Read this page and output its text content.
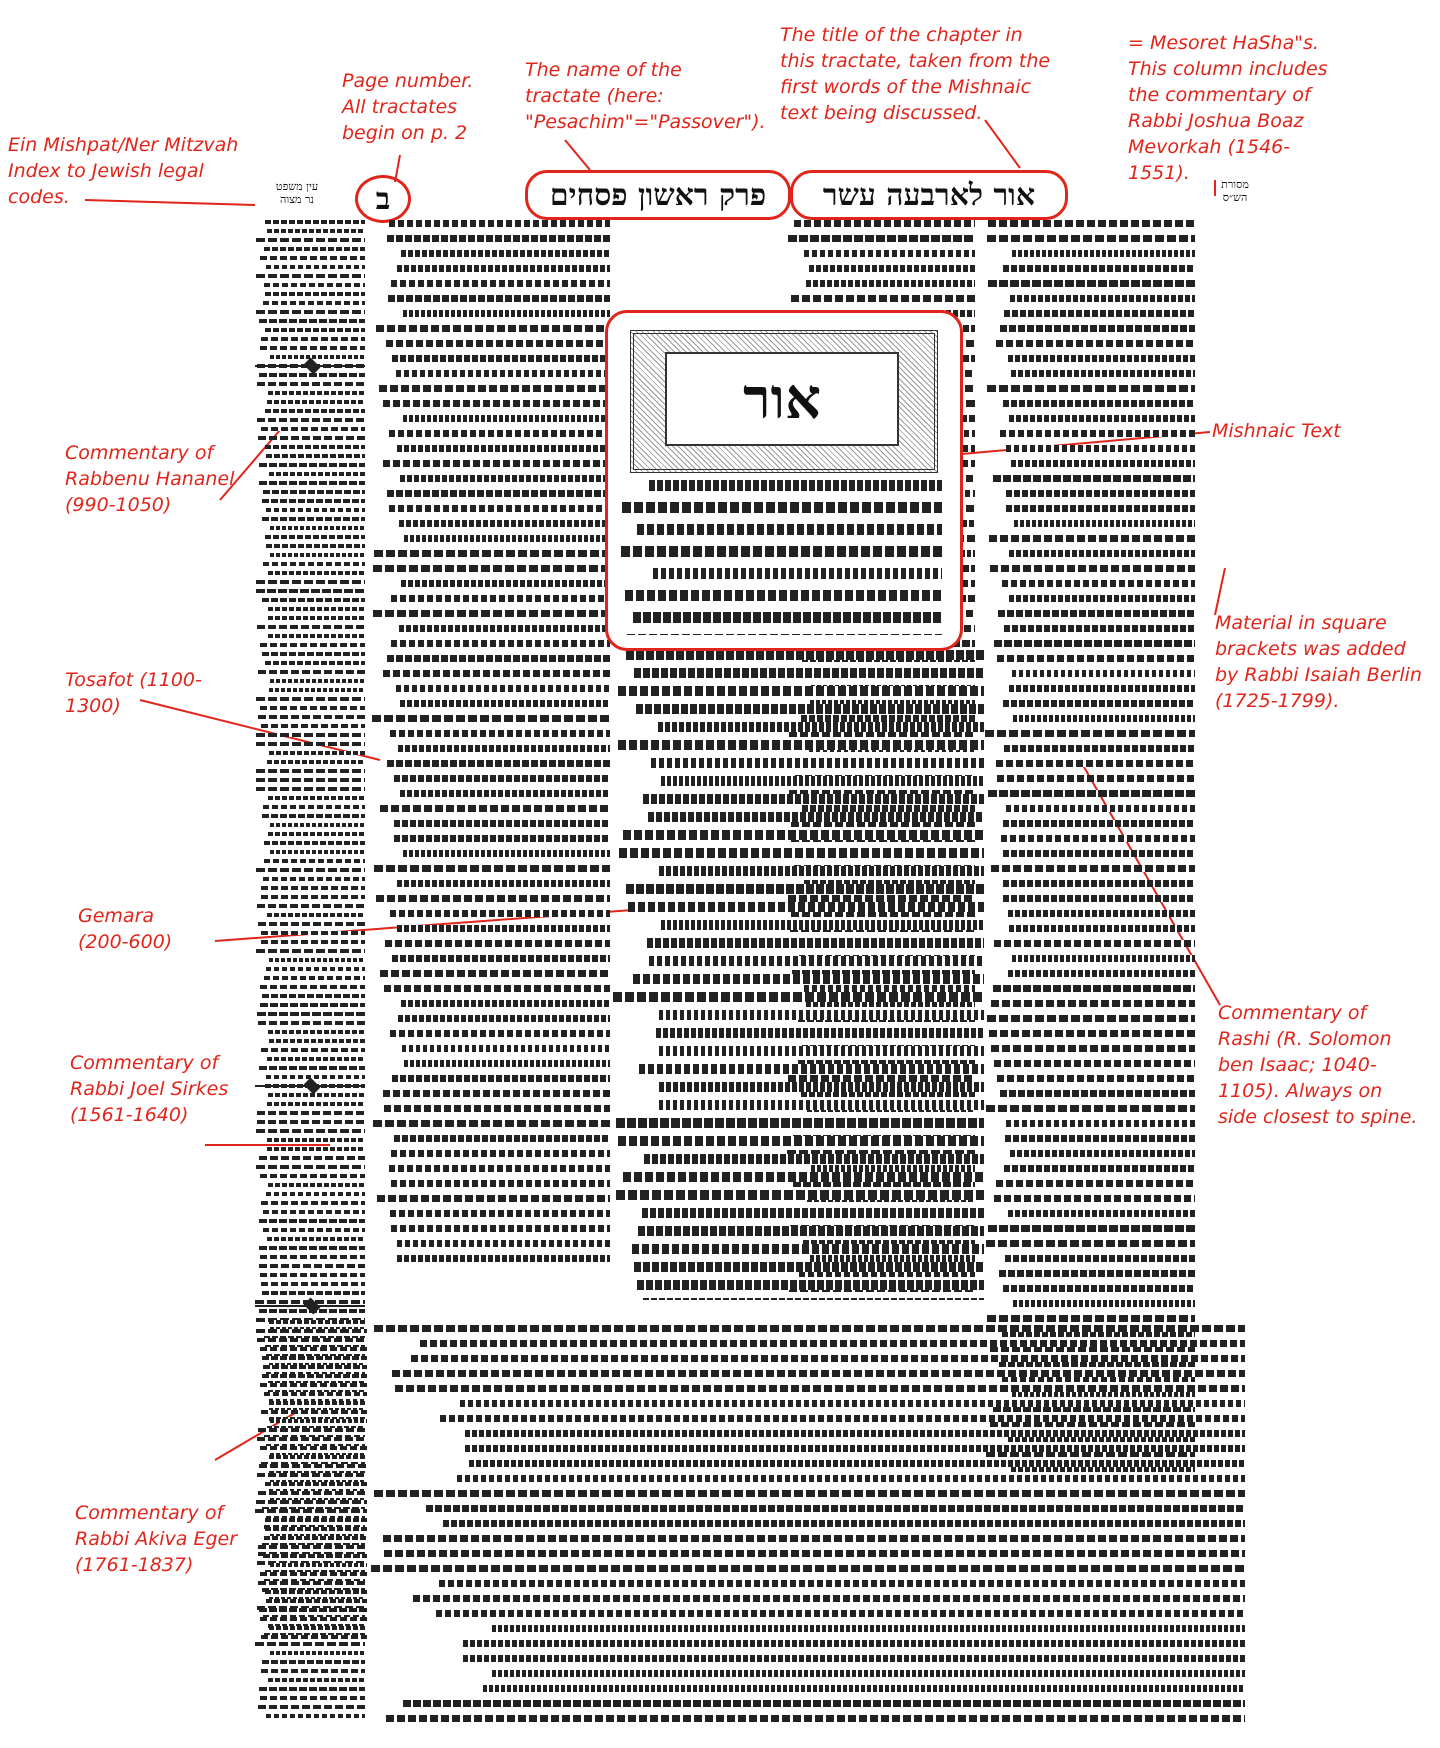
Ein Mishpat/Ner Mitzvah
Index to Jewish legal
codes.
Page number.
All tractates
begin on p. 2
The name of the
tractate (here:
"Pesachim"="Passover").
The title of the chapter in
this tractate, taken from the
first words of the Mishnaic
text being discussed.
= Mesoret HaSha"s.
This column includes
the commentary of
Rabbi Joshua Boaz
Mevorkah (1546-
1551).
Commentary of
Rabbenu Hananel
(990-1050)
Mishnaic Text
Material in square
brackets was added
by Rabbi Isaiah Berlin
(1725-1799).
Tosafot (1100-
1300)
Gemara
(200-600)
Commentary of
Rashi (R. Solomon
ben Isaac; 1040-
1105). Always on
side closest to spine.
Commentary of
Rabbi Joel Sirkes
(1561-1640)
Commentary of
Rabbi Akiva Eger
(1761-1837)
עין משפט
נר מצוה	ב	פרק ראשון פסחים	אור לארבעה עשר	מסורת
הש״ס
אור
